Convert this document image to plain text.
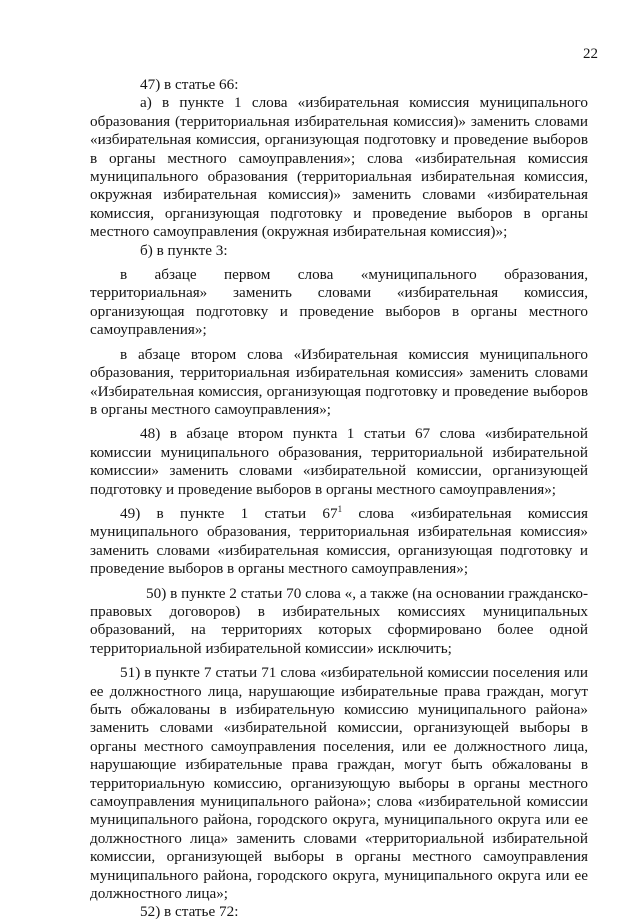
22

47) в статье 66:

а) в пункте 1 слова «избирательная комиссия муниципального образования (территориальная избирательная комиссия)» заменить словами «избирательная комиссия, организующая подготовку и проведение выборов в органы местного самоуправления»; слова «избирательная комиссия муниципального образования (территориальная избирательная комиссия, окружная избирательная комиссия)» заменить словами «избирательная комиссия, организующая подготовку и проведение выборов в органы местного самоуправления (окружная избирательная комиссия)»;

б) в пункте 3:

в абзаце первом слова «муниципального образования, территориальная» заменить словами «избирательная комиссия, организующая подготовку и проведение выборов в органы местного самоуправления»;

в абзаце втором слова «Избирательная комиссия муниципального образования, территориальная избирательная комиссия» заменить словами «Избирательная комиссия, организующая подготовку и проведение выборов в органы местного самоуправления»;

48) в абзаце втором пункта 1 статьи 67 слова «избирательной комиссии муниципального образования, территориальной избирательной комиссии» заменить словами «избирательной комиссии, организующей подготовку и проведение выборов в органы местного самоуправления»;

49) в пункте 1 статьи $67^1$ слова «избирательная комиссия муниципального образования, территориальная избирательная комиссия» заменить словами «избирательная комиссия, организующая подготовку и проведение выборов в органы местного самоуправления»;

50) в пункте 2 статьи 70 слова «, а также (на основании гражданско-правовых договоров) в избирательных комиссиях муниципальных образований, на территориях которых сформировано более одной территориальной избирательной комиссии» исключить;

51) в пункте 7 статьи 71 слова «избирательной комиссии поселения или ее должностного лица, нарушающие избирательные права граждан, могут быть обжалованы в избирательную комиссию муниципального района» заменить словами «избирательной комиссии, организующей выборы в органы местного самоуправления поселения, или ее должностного лица, нарушающие избирательные права граждан, могут быть обжалованы в территориальную комиссию, организующую выборы в органы местного самоуправления муниципального района»; слова «избирательной комиссии муниципального района, городского округа, муниципального округа или ее должностного лица» заменить словами «территориальной избирательной комиссии, организующей выборы в органы местного самоуправления муниципального района, городского округа, муниципального округа или ее должностного лица»;

52) в статье 72:
